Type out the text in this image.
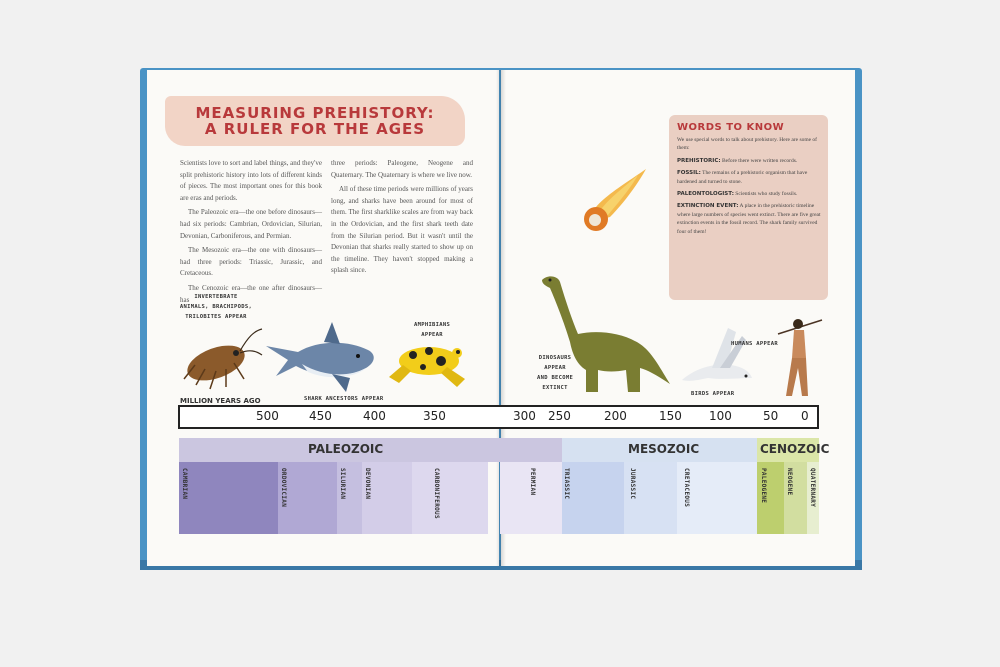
MEASURING PREHISTORY:
A RULER FOR THE AGES

Scientists love to sort and label things, and they've split prehistoric history into lots of different kinds of pieces. The most important ones for this book are eras and periods.

The Paleozoic era—the one before dinosaurs—had six periods: Cambrian, Ordovician, Silurian, Devonian, Carboniferous, and Permian.

The Mesozoic era—the one with dinosaurs—had three periods: Triassic, Jurassic, and Cretaceous.

The Cenozoic era—the one after dinosaurs—has

three periods: Paleogene, Neogene and Quaternary. The Quaternary is where we live now.

All of these time periods were millions of years long, and sharks have been around for most of them. The first sharklike scales are from way back in the Ordovician, and the first shark teeth date from the Silurian period. But it wasn't until the Devonian that sharks really started to show up on the timeline. They haven't stopped making a splash since.

WORDS TO KNOW

We use special words to talk about prehistory. Here are some of them:

PREHISTORIC: Before there were written records.

FOSSIL: The remains of a prehistoric organism that have hardened and turned to stone.

PALEONTOLOGIST: Scientists who study fossils.

EXTINCTION EVENT: A place in the prehistoric timeline where large numbers of species went extinct. There are five great extinction events in the fossil record. The shark family survived four of them!

INVERTEBRATE
ANIMALS, BRACHIPODS,
TRILOBITES APPEAR
SHARK ANCESTORS APPEAR
AMPHIBIANS
APPEAR
DINOSAURS
APPEAR
AND BECOME
EXTINCT
HUMANS APPEAR
BIRDS APPEAR
MILLION YEARS AGO
500	450	400	350	300 250	200	150 100	50 0
PALEOZOIC	MESOZOIC	CENOZOIC
CAMBRIAN	ORDOVICIAN	SILURIAN	DEVONIAN	CARBONIFEROUS	PERMIAN	TRIASSIC	JURASSIC	CRETACEOUS	PALEOGENE	NEOGENE	QUATERNARY
